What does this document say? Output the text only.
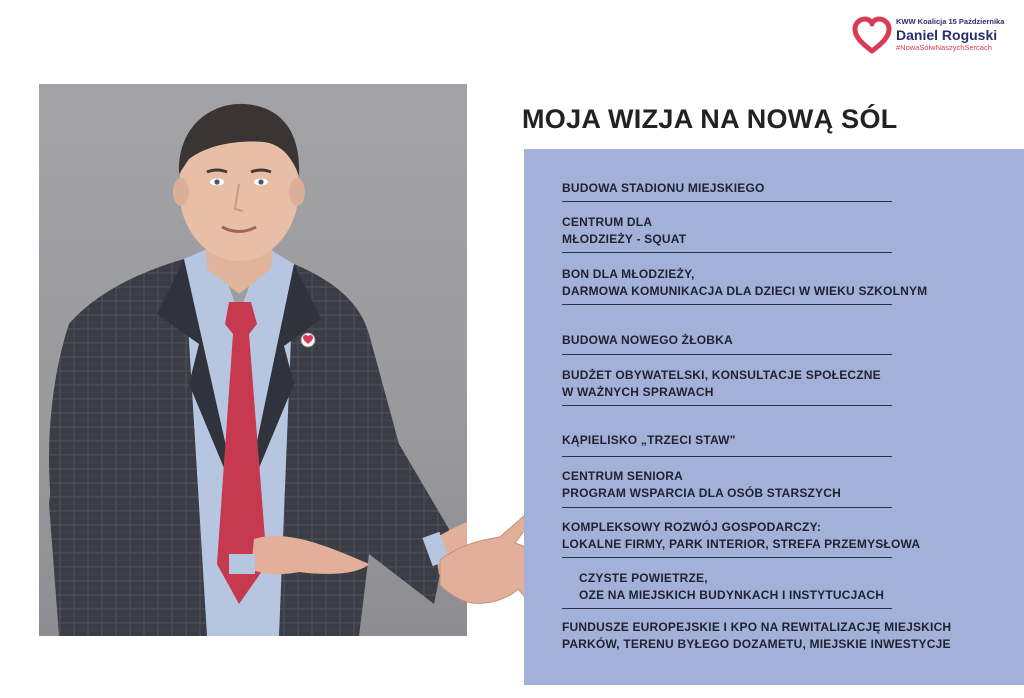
KWW Koalicja 15 Października
Daniel Roguski
#NowaSólwNaszychSercach
MOJA WIZJA NA NOWĄ SÓL
BUDOWA STADIONU MIEJSKIEGO
CENTRUM DLA
MŁODZIEŻY - SQUAT
BON DLA MŁODZIEŻY,
DARMOWA KOMUNIKACJA DLA DZIECI W WIEKU SZKOLNYM
BUDOWA NOWEGO ŻŁOBKA
BUDŻET OBYWATELSKI, KONSULTACJE SPOŁECZNE
W WAŻNYCH SPRAWACH
KĄPIELISKO „TRZECI STAW"
CENTRUM SENIORA
PROGRAM WSPARCIA DLA OSÓB STARSZYCH
KOMPLEKSOWY ROZWÓJ GOSPODARCZY:
LOKALNE FIRMY, PARK INTERIOR, STREFA PRZEMYSŁOWA
CZYSTE POWIETRZE,
OZE NA MIEJSKICH BUDYNKACH I INSTYTUCJACH
FUNDUSZE EUROPEJSKIE I KPO NA REWITALIZACJĘ MIEJSKICH
PARKÓW, TERENU BYŁEGO DOZAMETU, MIEJSKIE INWESTYCJE
